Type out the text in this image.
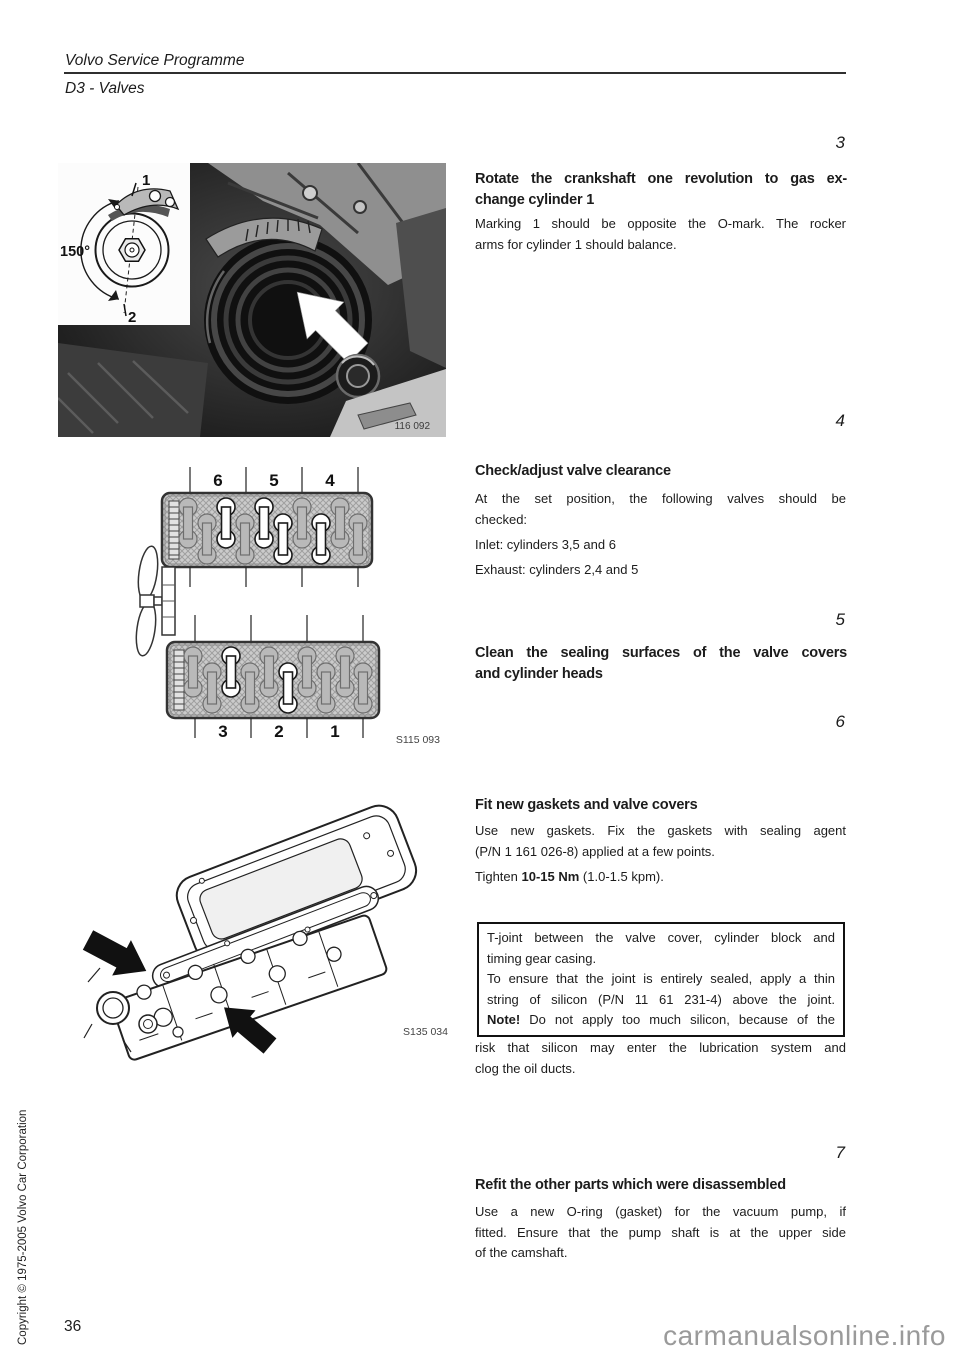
Volvo Service Programme
D3 - Valves
1
2
150°
116 092
6	5	4
3	2	1	S115 093
S135 034
3
Rotate the crankshaft one revolution to gas ex-
change cylinder 1
Marking 1 should be opposite the O-mark. The rocker
arms for cylinder 1 should balance.
4
Check/adjust valve clearance
At the set position, the following valves should be
checked:
Inlet: cylinders 3,5 and 6
Exhaust: cylinders 2,4 and 5
5
Clean the sealing surfaces of the valve covers
and cylinder heads
6
Fit new gaskets and valve covers
Use new gaskets. Fix the gaskets with sealing agent
(P/N 1 161 026-8) applied at a few points.
Tighten 10-15 Nm (1.0-1.5 kpm).
T-joint between the valve cover, cylinder block and
timing gear casing.
To ensure that the joint is entirely sealed, apply a thin
string of silicon (P/N 11 61 231-4) above the joint.
Note! Do not apply too much silicon, because of the
risk that silicon may enter the lubrication system and
clog the oil ducts.
7
Refit the other parts which were disassembled
Use a new O-ring (gasket) for the vacuum pump, if
fitted. Ensure that the pump shaft is at the upper side
of the camshaft.
Copyright © 1975-2005 Volvo Car Corporation 36	carmanualsonline.info
